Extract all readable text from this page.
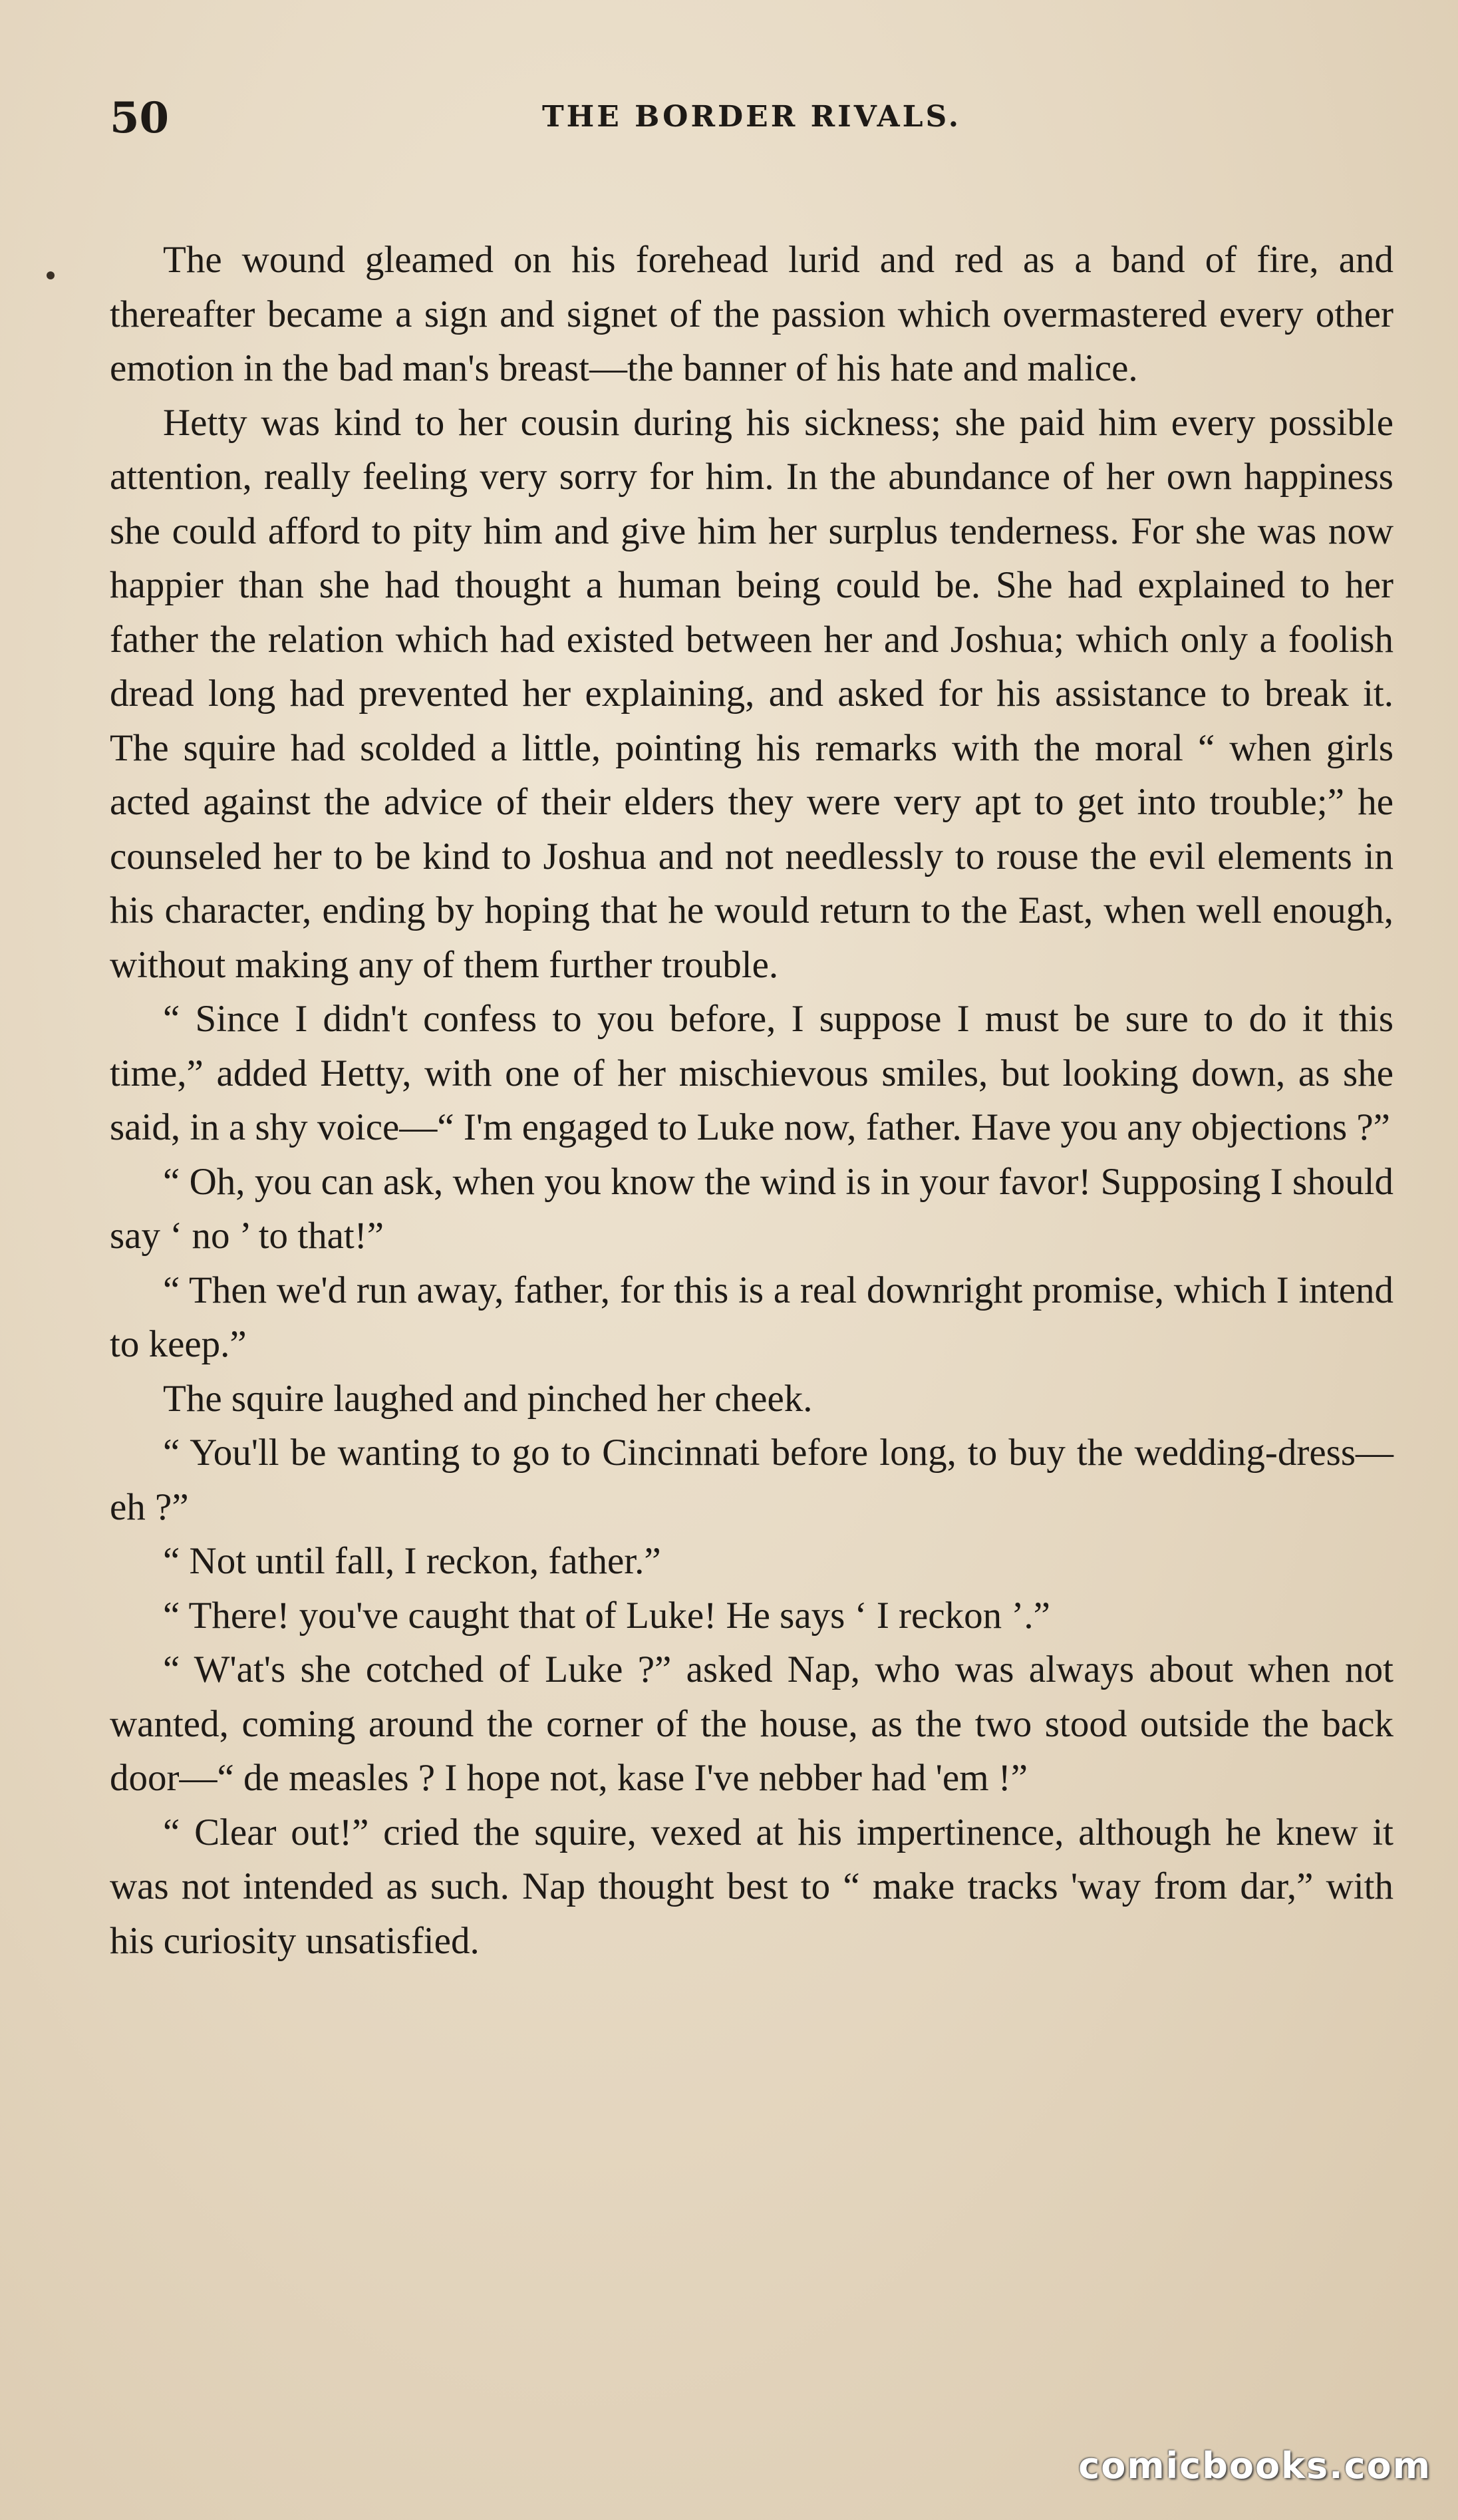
50	THE BORDER RIVALS.

The wound gleamed on his forehead lurid and red as a band of fire, and thereafter became a sign and signet of the passion which overmastered every other emotion in the bad man's breast—the banner of his hate and malice.

Hetty was kind to her cousin during his sickness; she paid him every possible attention, really feeling very sorry for him. In the abundance of her own happiness she could afford to pity him and give him her surplus tenderness. For she was now happier than she had thought a human being could be. She had explained to her father the relation which had existed between her and Joshua; which only a foolish dread long had prevented her explaining, and asked for his assistance to break it. The squire had scolded a little, pointing his remarks with the moral “ when girls acted against the advice of their elders they were very apt to get into trouble;” he counseled her to be kind to Joshua and not needlessly to rouse the evil elements in his character, ending by hoping that he would return to the East, when well enough, without making any of them further trouble.

“ Since I didn't confess to you before, I suppose I must be sure to do it this time,” added Hetty, with one of her mischievous smiles, but looking down, as she said, in a shy voice—“ I'm engaged to Luke now, father. Have you any objections ?”

“ Oh, you can ask, when you know the wind is in your favor! Supposing I should say ‘ no ’ to that!”

“ Then we'd run away, father, for this is a real downright promise, which I intend to keep.”

The squire laughed and pinched her cheek.

“ You'll be wanting to go to Cincinnati before long, to buy the wedding-dress—eh ?”

“ Not until fall, I reckon, father.”

“ There! you've caught that of Luke! He says ‘ I reckon ’.”

“ W'at's she cotched of Luke ?” asked Nap, who was always about when not wanted, coming around the corner of the house, as the two stood outside the back door—“ de measles ? I hope not, kase I've nebber had 'em !”

“ Clear out!” cried the squire, vexed at his impertinence, although he knew it was not intended as such. Nap thought best to “ make tracks 'way from dar,” with his curiosity unsatisfied.

comicbooks.com
